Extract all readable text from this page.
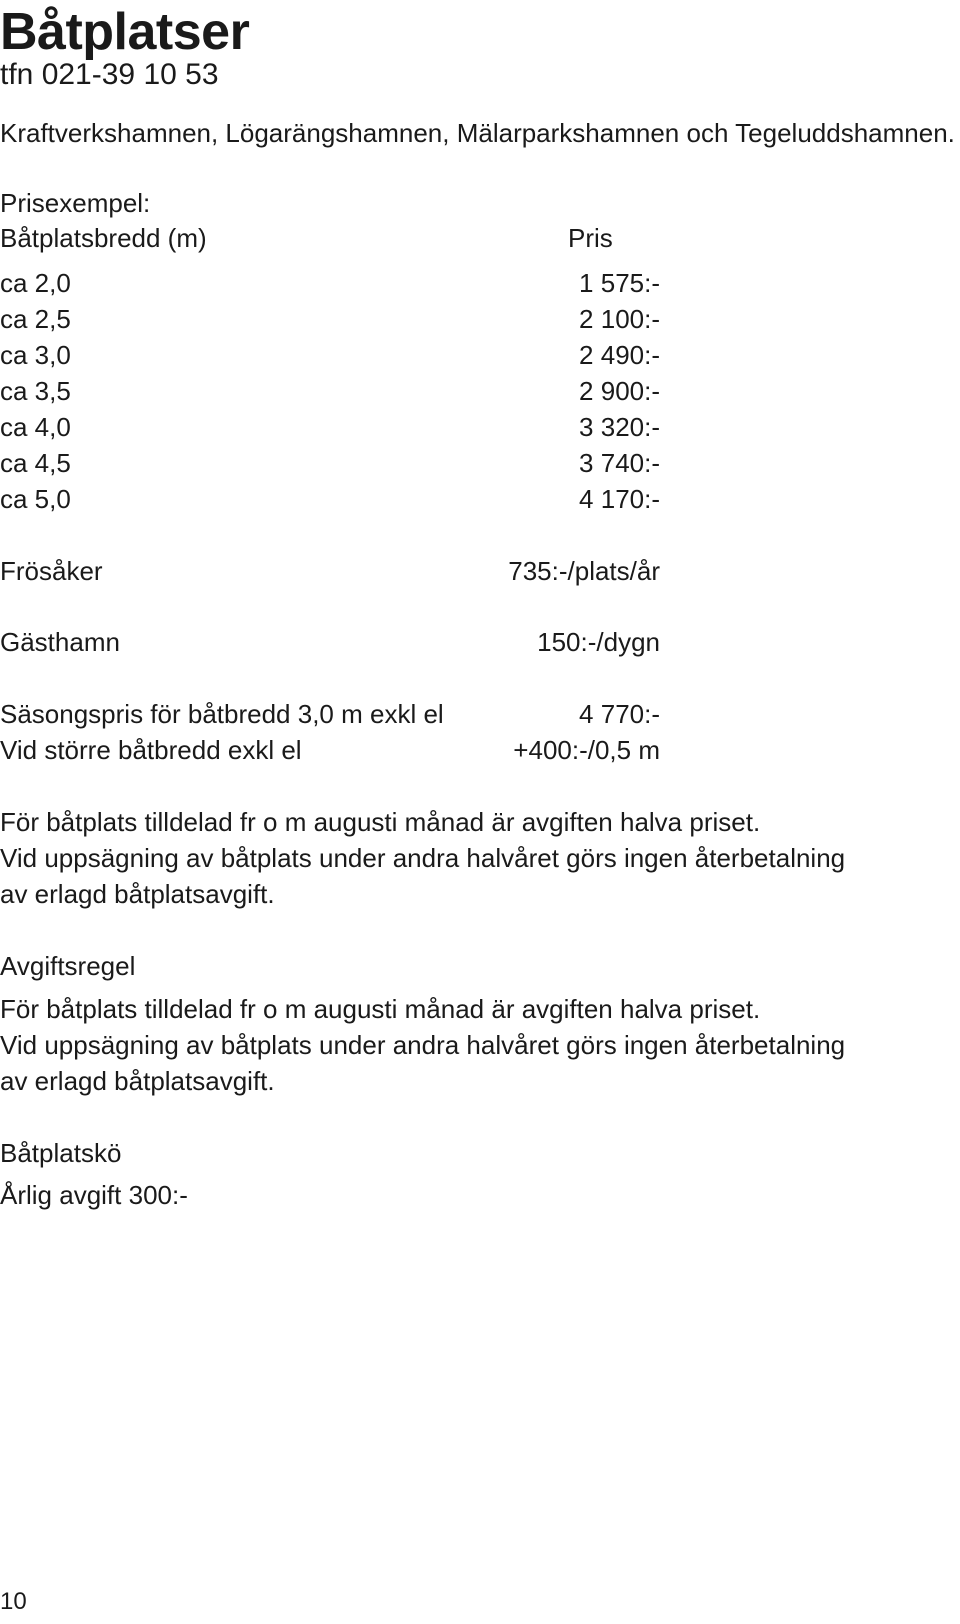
Båtplatser
tfn 021-39 10 53
Kraftverkshamnen, Lögarängshamnen, Mälarparkshamnen och Tegeluddshamnen.
Prisexempel:
Båtplatsbredd (m)	Pris
ca 2,0	1 575:-
ca 2,5	2 100:-
ca 3,0	2 490:-
ca 3,5	2 900:-
ca 4,0	3 320:-
ca 4,5	3 740:-
ca 5,0	4 170:-
Frösåker	735:-/plats/år
Gästhamn	150:-/dygn
Säsongspris för båtbredd 3,0 m exkl el	4 770:-
Vid större båtbredd exkl el	+400:-/0,5 m
För båtplats tilldelad fr o m augusti månad är avgiften halva priset.
Vid uppsägning av båtplats under andra halvåret görs ingen återbetalning
av erlagd båtplatsavgift.
Avgiftsregel
För båtplats tilldelad fr o m augusti månad är avgiften halva priset.
Vid uppsägning av båtplats under andra halvåret görs ingen återbetalning
av erlagd båtplatsavgift.
Båtplatskö
Årlig avgift 300:-
10
